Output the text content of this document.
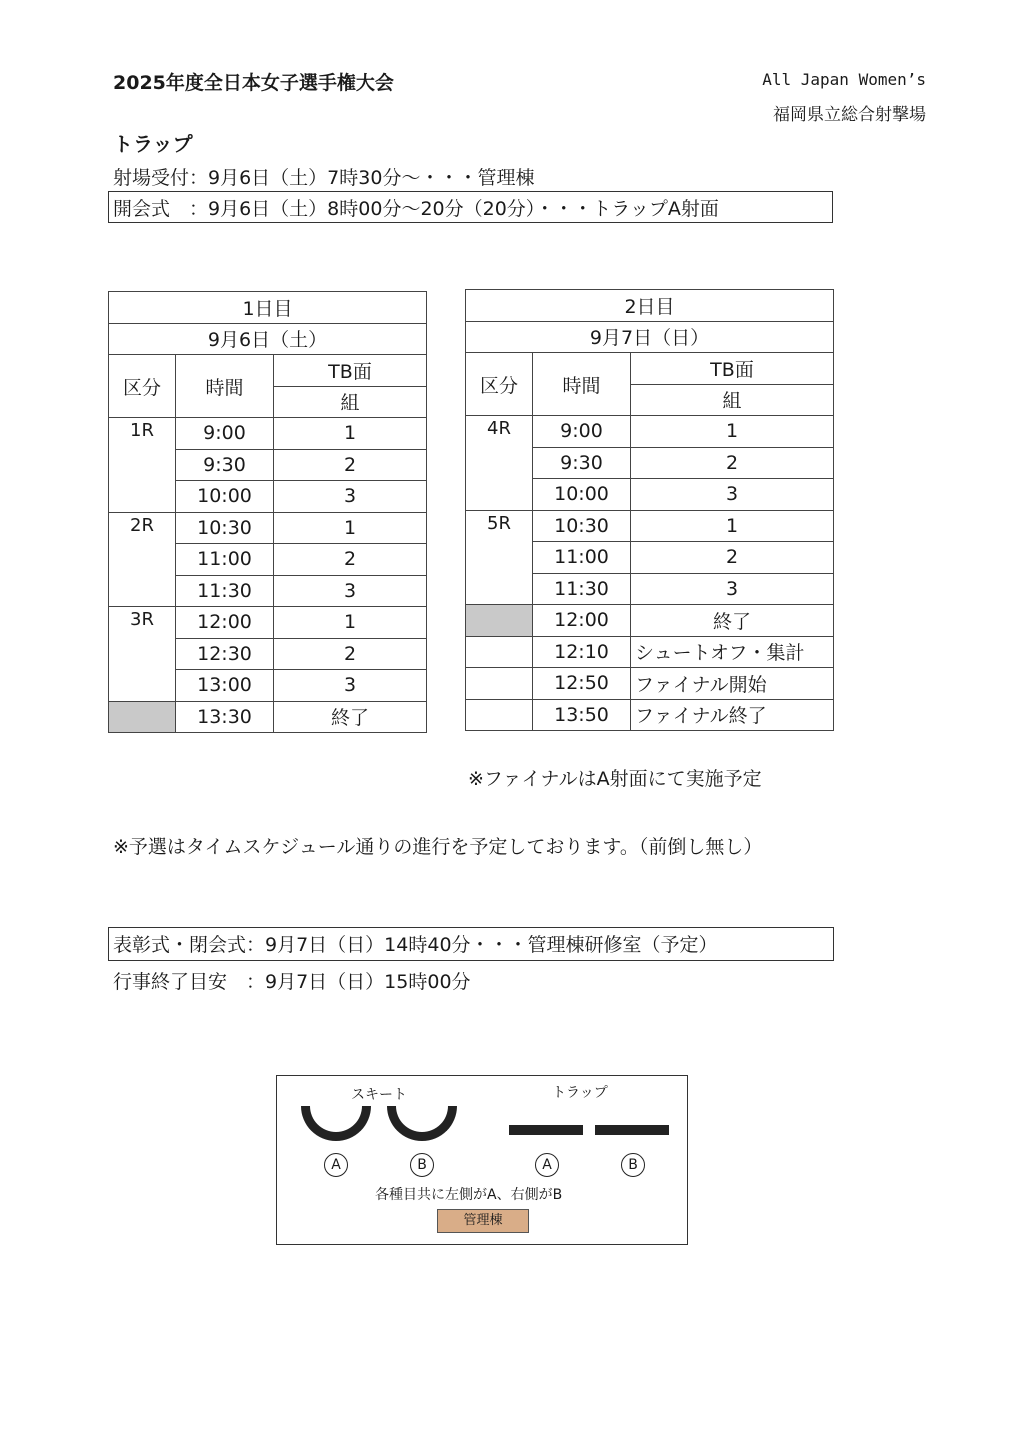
2025年度全日本女子選手権大会	All Japan Women’s
福岡県立総合射撃場
トラップ
射場受付：9月6日（土）7時30分～・・・管理棟
開会式　：9月6日（土）8時00分～20分（20分）・・・トラップA射面
1日目		
9月6日（土）		
区分	時間	TB面
		組
1R	9:00	1
	9:30	2
	10:00	3
2R	10:30	1
	11:00	2
	11:30	3
3R	12:00	1
	12:30	2
	13:00	3
	13:30	終了
2日目		
9月7日（日）		
区分	時間	TB面
		組
4R	9:00	1
	9:30	2
	10:00	3
5R	10:30	1
	11:00	2
	11:30	3
	12:00	終了
	12:10	シュートオフ・集計
	12:50	ファイナル開始
	13:50	ファイナル終了
※ファイナルはA射面にて実施予定
※予選はタイムスケジュール通りの進行を予定しております。（前倒し無し）
表彰式・閉会式：9月7日（日）14時40分・・・管理棟研修室（予定）
行事終了目安　：9月7日（日）15時00分
スキート	トラップ
A	B	A	B
各種目共に左側がA、右側がB
管理棟
